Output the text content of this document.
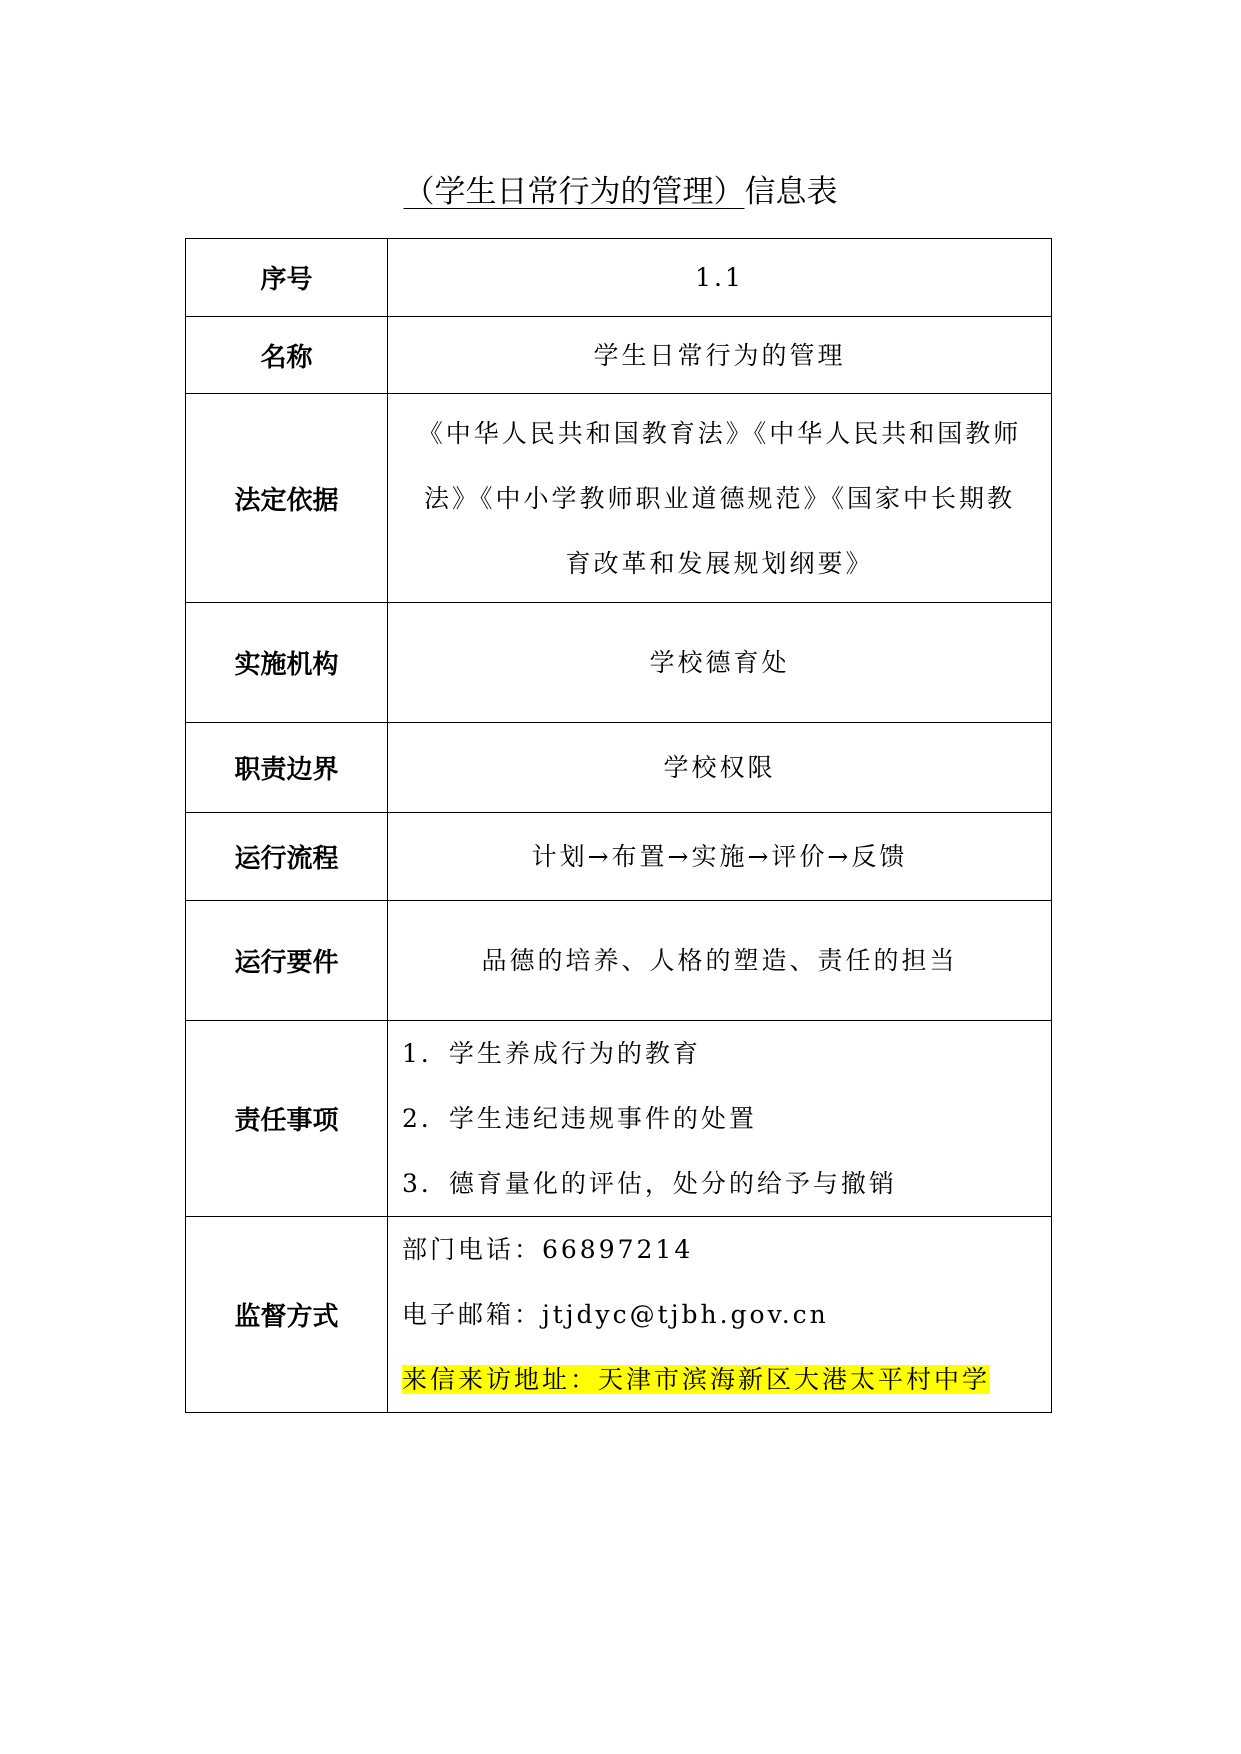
（学生日常行为的管理）信息表
序号	1.1
名称	学生日常行为的管理
法定依据	《中华人民共和国教育法》《中华人民共和国教师
法》《中小学教师职业道德规范》《国家中长期教
育改革和发展规划纲要》

实施机构	学校德育处
职责边界	学校权限
运行流程	计划→布置→实施→评价→反馈
运行要件	品德的培养、人格的塑造、责任的担当
责任事项	1．学生养成行为的教育
2．学生违纪违规事件的处置
3．德育量化的评估，处分的给予与撤销

监督方式	部门电话：66897214
电子邮箱：jtjdyc@tjbh.gov.cn
来信来访地址：天津市滨海新区大港太平村中学
